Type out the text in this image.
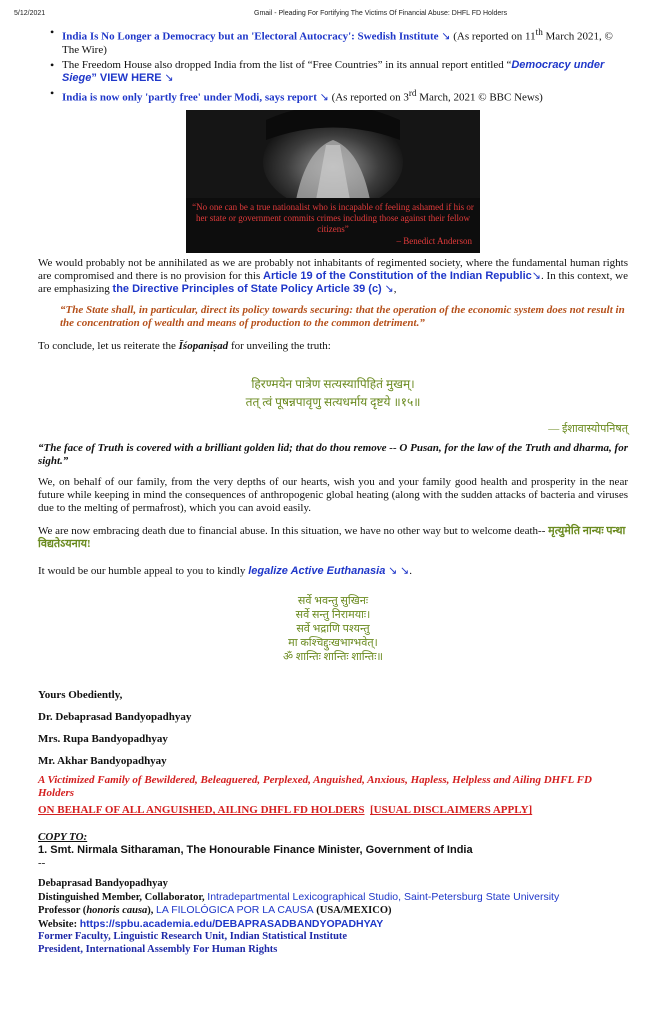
5/12/2021	Gmail - Pleading For Fortifying The Victims Of Financial Abuse: DHFL FD Holders
• India Is No Longer a Democracy but an 'Electoral Autocracy': Swedish Institute ↘ (As reported on 11th March 2021, © The Wire)
• The Freedom House also dropped India from the list of “Free Countries” in its annual report entitled “Democracy under Siege” VIEW HERE ↘
• India is now only 'partly free' under Modi, says report ↘ (As reported on 3rd March, 2021 © BBC News)
“No one can be a true nationalist who is incapable of feeling ashamed if his or her state or government commits crimes including those against their fellow citizens”
– Benedict Anderson

We would probably not be annihilated as we are probably not inhabitants of regimented society, where the fundamental human rights are compromised and there is no provision for this Article 19 of the Constitution of the Indian Republic↘. In this context, we are emphasizing the Directive Principles of State Policy Article 39 (c) ↘,

“The State shall, in particular, direct its policy towards securing: that the operation of the economic system does not result in the concentration of wealth and means of production to the common detriment.”

To conclude, let us reiterate the Īśopaniṣad for unveiling the truth:

हिरण्मयेन पात्रेण सत्यस्यापिहितं मुखम्।
तत् त्वं पूषन्नपावृणु सत्यधर्माय दृष्टये ॥१५॥
— ईशावास्योपनिषत्

“The face of Truth is covered with a brilliant golden lid; that do thou remove -- O Pusan, for the law of the Truth and dharma, for sight.”

We, on behalf of our family, from the very depths of our hearts, wish you and your family good health and prosperity in the near future while keeping in mind the consequences of anthropogenic global heating (along with the sudden attacks of bacteria and viruses due to the melting of permafrost), which you can avoid easily.

We are now embracing death due to financial abuse. In this situation, we have no other way but to welcome death-- मृत्युमेति नान्यः पन्था विद्यतेऽयनाय!

It would be our humble appeal to you to kindly legalize Active Euthanasia ↘ ↘.

सर्वे भवन्तु सुखिनः
सर्वे सन्तु निरामयाः।
सर्वे भद्राणि पश्यन्तु
मा कश्चिद्दुःखभाग्भवेत्।
ॐ शान्तिः शान्तिः शान्तिः॥
Yours Obediently,
Dr. Debaprasad Bandyopadhyay
Mrs. Rupa Bandyopadhyay
Mr. Akhar Bandyopadhyay

A Victimized Family of Bewildered, Beleaguered, Perplexed, Anguished, Anxious, Hapless, Helpless and Ailing DHFL FD Holders

ON BEHALF OF ALL ANGUISHED, AILING DHFL FD HOLDERS [USUAL DISCLAIMERS APPLY]

COPY TO:
1. Smt. Nirmala Sitharaman, The Honourable Finance Minister, Government of India
--
Debaprasad Bandyopadhyay
Distinguished Member, Collaborator, Intradepartmental Lexicographical Studio, Saint-Petersburg State University
Professor (honoris causa), LA FILOLÓGICA POR LA CAUSA (USA/MEXICO)
Website: https://spbu.academia.edu/DEBAPRASADBANDYOPADHYAY
Former Faculty, Linguistic Research Unit, Indian Statistical Institute
President, International Assembly For Human Rights
